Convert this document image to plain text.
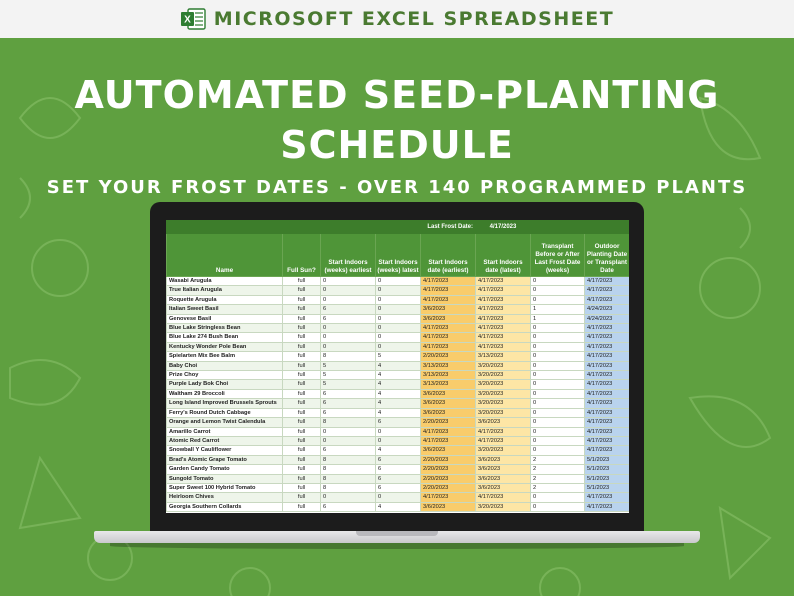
X MICROSOFT EXCEL SPREADSHEET
AUTOMATED SEED-PLANTING
SCHEDULE
SET YOUR FROST DATES - OVER 140 PROGRAMMED PLANTS
				Last Frost Date:	4/17/2023		
Name	Full Sun?	Start Indoors (weeks) earliest	Start Indoors (weeks) latest	Start Indoors date (earliest)	Start Indoors date (latest)	Transplant Before or After Last Frost Date (weeks)	Outdoor Planting Date or Transplant Date
Wasabi Arugula	full	0	0	4/17/2023	4/17/2023	0	4/17/2023
True Italian Arugula	full	0	0	4/17/2023	4/17/2023	0	4/17/2023
Roquette Arugula	full	0	0	4/17/2023	4/17/2023	0	4/17/2023
Italian Sweet Basil	full	6	0	3/6/2023	4/17/2023	1	4/24/2023
Genovese Basil	full	6	0	3/6/2023	4/17/2023	1	4/24/2023
Blue Lake Stringless Bean	full	0	0	4/17/2023	4/17/2023	0	4/17/2023
Blue Lake 274 Bush Bean	full	0	0	4/17/2023	4/17/2023	0	4/17/2023
Kentucky Wonder Pole Bean	full	0	0	4/17/2023	4/17/2023	0	4/17/2023
Spielarten Mix Bee Balm	full	8	5	2/20/2023	3/13/2023	0	4/17/2023
Baby Choi	full	5	4	3/13/2023	3/20/2023	0	4/17/2023
Prize Choy	full	5	4	3/13/2023	3/20/2023	0	4/17/2023
Purple Lady Bok Choi	full	5	4	3/13/2023	3/20/2023	0	4/17/2023
Waltham 29 Broccoli	full	6	4	3/6/2023	3/20/2023	0	4/17/2023
Long Island Improved Brussels Sprouts	full	6	4	3/6/2023	3/20/2023	0	4/17/2023
Ferry's Round Dutch Cabbage	full	6	4	3/6/2023	3/20/2023	0	4/17/2023
Orange and Lemon Twist Calendula	full	8	6	2/20/2023	3/6/2023	0	4/17/2023
Amarillo Carrot	full	0	0	4/17/2023	4/17/2023	0	4/17/2023
Atomic Red Carrot	full	0	0	4/17/2023	4/17/2023	0	4/17/2023
Snowball Y Cauliflower	full	6	4	3/6/2023	3/20/2023	0	4/17/2023
Brad's Atomic Grape Tomato	full	8	6	2/20/2023	3/6/2023	2	5/1/2023
Garden Candy Tomato	full	8	6	2/20/2023	3/6/2023	2	5/1/2023
Sungold Tomato	full	8	6	2/20/2023	3/6/2023	2	5/1/2023
Super Sweet 100 Hybrid Tomato	full	8	6	2/20/2023	3/6/2023	2	5/1/2023
Heirloom Chives	full	0	0	4/17/2023	4/17/2023	0	4/17/2023
Georgia Southern Collards	full	6	4	3/6/2023	3/20/2023	0	4/17/2023
